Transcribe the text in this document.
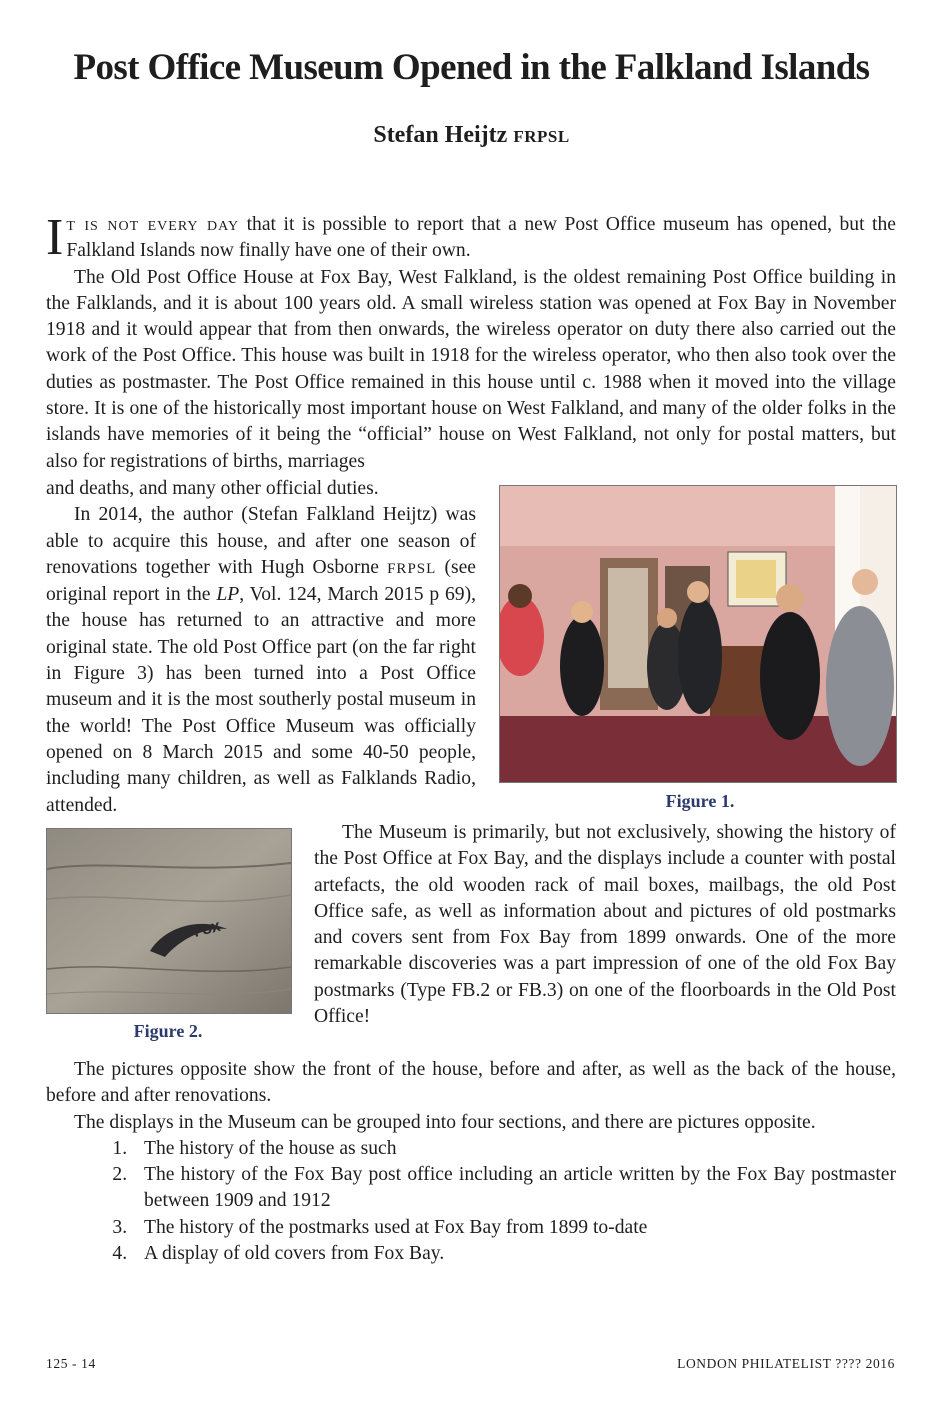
Post Office Museum Opened in the Falkland Islands
Stefan Heijtz FRPSL

It is not every day that it is possible to report that a new Post Office museum has opened, but the Falkland Islands now finally have one of their own.

The Old Post Office House at Fox Bay, West Falkland, is the oldest remaining Post Office building in the Falklands, and it is about 100 years old. A small wireless station was opened at Fox Bay in November 1918 and it would appear that from then onwards, the wireless operator on duty there also carried out the work of the Post Office. This house was built in 1918 for the wireless operator, who then also took over the duties as postmaster. The Post Office remained in this house until c. 1988 when it moved into the village store. It is one of the historically most important house on West Falkland, and many of the older folks in the islands have memories of it being the “official” house on West Falkland, not only for postal matters, but also for registrations of births, marriages

and deaths, and many other official duties.

In 2014, the author (Stefan Falkland Heijtz) was able to acquire this house, and after one season of renovations together with Hugh Osborne FRPSL (see original report in the LP, Vol. 124, March 2015 p 69), the house has returned to an attractive and more original state. The old Post Office part (on the far right in Figure 3) has been turned into a Post Office museum and it is the most southerly postal museum in the world! The Post Office Museum was officially opened on 8 March 2015 and some 40-50 people, including many children, as well as Falklands Radio, attended.	Figure 1.
FOX
Figure 2.

The Museum is primarily, but not exclusively, showing the history of the Post Office at Fox Bay, and the displays include a counter with postal artefacts, the old wooden rack of mail boxes, mailbags, the old Post Office safe, as well as information about and pictures of old postmarks and covers sent from Fox Bay from 1899 onwards. One of the more remarkable discoveries was a part impression of one of the old Fox Bay postmarks (Type FB.2 or FB.3) on one of the floorboards in the Old Post Office!

The pictures opposite show the front of the house, before and after, as well as the back of the house, before and after renovations.

The displays in the Museum can be grouped into four sections, and there are pictures opposite.

1. The history of the house as such
2. The history of the Fox Bay post office including an article written by the Fox Bay postmaster between 1909 and 1912
3. The history of the postmarks used at Fox Bay from 1899 to-date
4. A display of old covers from Fox Bay.
125 - 14	LONDON PHILATELIST ???? 2016
